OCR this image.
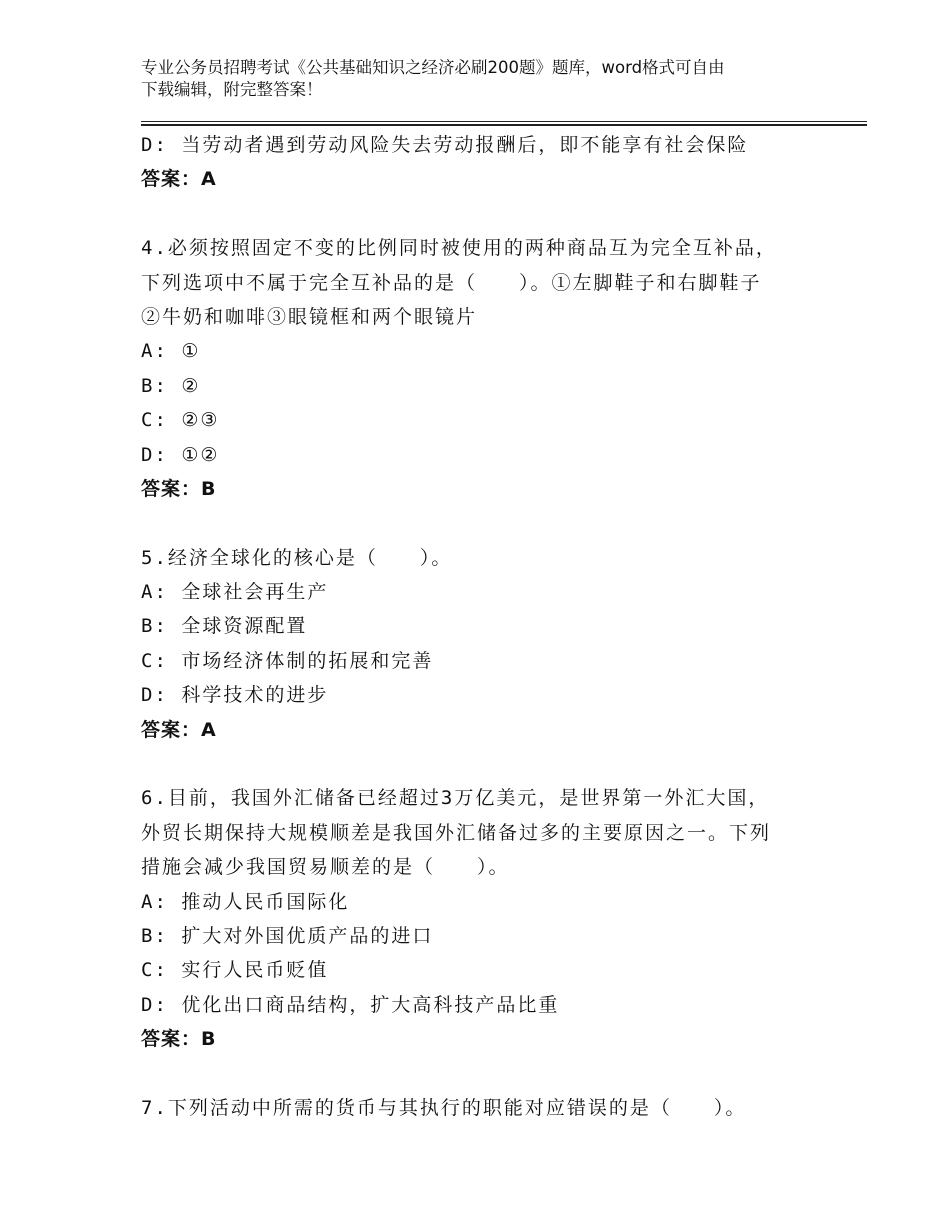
专业公务员招聘考试《公共基础知识之经济必刷200题》题库，word格式可自由
下载编辑，附完整答案！
D: 当劳动者遇到劳动风险失去劳动报酬后，即不能享有社会保险
答案：A
4.必须按照固定不变的比例同时被使用的两种商品互为完全互补品，
下列选项中不属于完全互补品的是（　　）。①左脚鞋子和右脚鞋子
②牛奶和咖啡③眼镜框和两个眼镜片
A: ①
B: ②
C: ②③
D: ①②
答案：B
5.经济全球化的核心是（　　）。
A: 全球社会再生产
B: 全球资源配置
C: 市场经济体制的拓展和完善
D: 科学技术的进步
答案：A
6.目前，我国外汇储备已经超过3万亿美元，是世界第一外汇大国，
外贸长期保持大规模顺差是我国外汇储备过多的主要原因之一。下列
措施会减少我国贸易顺差的是（　　）。
A: 推动人民币国际化
B: 扩大对外国优质产品的进口
C: 实行人民币贬值
D: 优化出口商品结构，扩大高科技产品比重
答案：B
7.下列活动中所需的货币与其执行的职能对应错误的是（　　）。
